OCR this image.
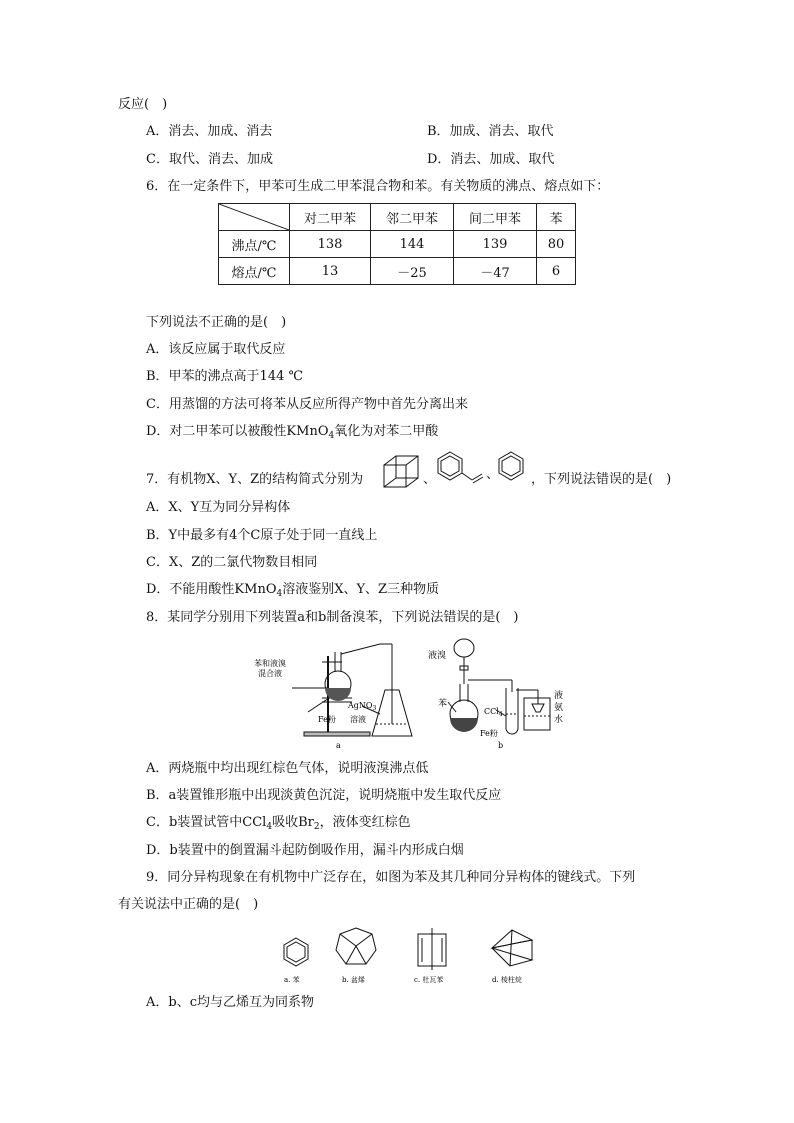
反应(　)
A．消去、加成、消去	B．加成、消去、取代
C．取代、消去、加成	D．消去、加成、取代
6．在一定条件下，甲苯可生成二甲苯混合物和苯。有关物质的沸点、熔点如下：
	对二甲苯	邻二甲苯	间二甲苯	苯
沸点/℃	138	144	139	80
熔点/℃	13	－25	－47	6
下列说法不正确的是(　)
A．该反应属于取代反应
B．甲苯的沸点高于144 ℃
C．用蒸馏的方法可将苯从反应所得产物中首先分离出来
D．对二甲苯可以被酸性KMnO$_4$氧化为对苯二甲酸
7．有机物X、Y、Z的结构简式分别为	、	、 ，下列说法错误的是(　)
A．X、Y互为同分异构体
B．Y中最多有4个C原子处于同一直线上
C．X、Z的二氯代物数目相同
D．不能用酸性KMnO$_4$溶液鉴别X、Y、Z三种物质
8．某同学分别用下列装置a和b制备溴苯，下列说法错误的是(　)
苯和液溴
混合液
Fe粉
AgNO$_3$
溶液
a
液溴
苯
CCl$_4$
Fe粉
液
氨
水
b
A．两烧瓶中均出现红棕色气体，说明液溴沸点低
B．a装置锥形瓶中出现淡黄色沉淀，说明烧瓶中发生取代反应
C．b装置试管中CCl$_4$吸收$Br_2$，液体变红棕色
D．b装置中的倒置漏斗起防倒吸作用，漏斗内形成白烟
9．同分异构现象在有机物中广泛存在，如图为苯及其几种同分异构体的键线式。下列
有关说法中正确的是(　)
a. 苯	b. 盆烯	c. 杜瓦苯	d. 棱柱烷
A．b、c均与乙烯互为同系物
